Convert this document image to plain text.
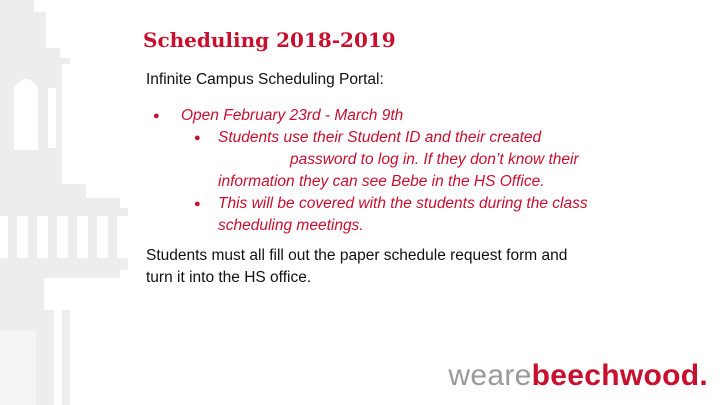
Scheduling 2018-2019
Infinite Campus Scheduling Portal:
● Open February 23rd - March 9th
● Students use their Student ID and their created
password to log in. If they don’t know their
information they can see Bebe in the HS Office.
● This will be covered with the students during the class
scheduling meetings.
Students must all fill out the paper schedule request form and
turn it into the HS office.
wearebeechwood.
